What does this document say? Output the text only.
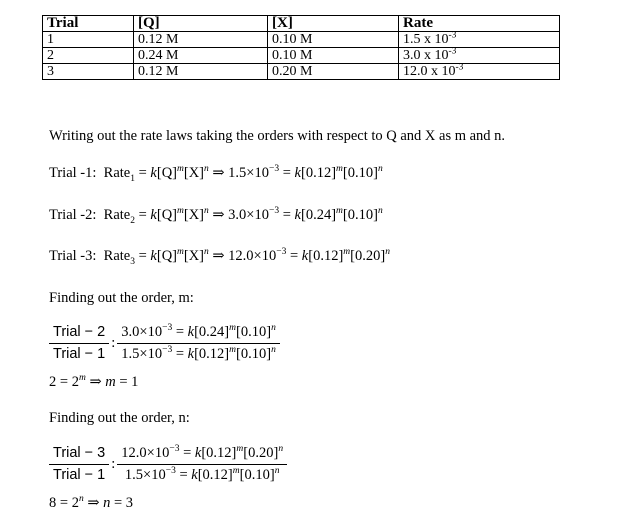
Trial	[Q]	[X]	Rate
1	0.12 M	0.10 M	1.5 x $10^{-3}$
2	0.24 M	0.10 M	3.0 x $10^{-3}$
3	0.12 M	0.20 M	12.0 x $10^{-3}$
Writing out the rate laws taking the orders with respect to Q and X as m and n.
Trial -1: Rate$_1$ = $k[Q]^m[X]^n$ ⇒ $1.5\times 10^{-3} = k[0.12]^m[0.10]^n$
Trial -2: Rate$_2$ = $k[Q]^m[X]^n$ ⇒ $3.0\times 10^{-3} = k[0.24]^m[0.10]^n$
Trial -3: Rate$_3$ = $k[Q]^m[X]^n$ ⇒ $12.0\times 10^{-3} = k[0.12]^m[0.20]^n$
Finding out the order, m:
$\frac{\text{Trial − 2}}{\text{Trial − 1}}$ : $\frac{3.0\times 10^{-3} = k[0.24]^m[0.10]^n}{1.5\times 10^{-3} = k[0.12]^m[0.10]^n}$
$2 = 2^m$ ⇒ m = 1
Finding out the order, n:
$\frac{\text{Trial − 3}}{\text{Trial − 1}}$ : $\frac{12.0\times 10^{-3} = k[0.12]^m[0.20]^n}{1.5\times 10^{-3} = k[0.12]^m[0.10]^n}$
$8 = 2^n$ ⇒ n = 3
